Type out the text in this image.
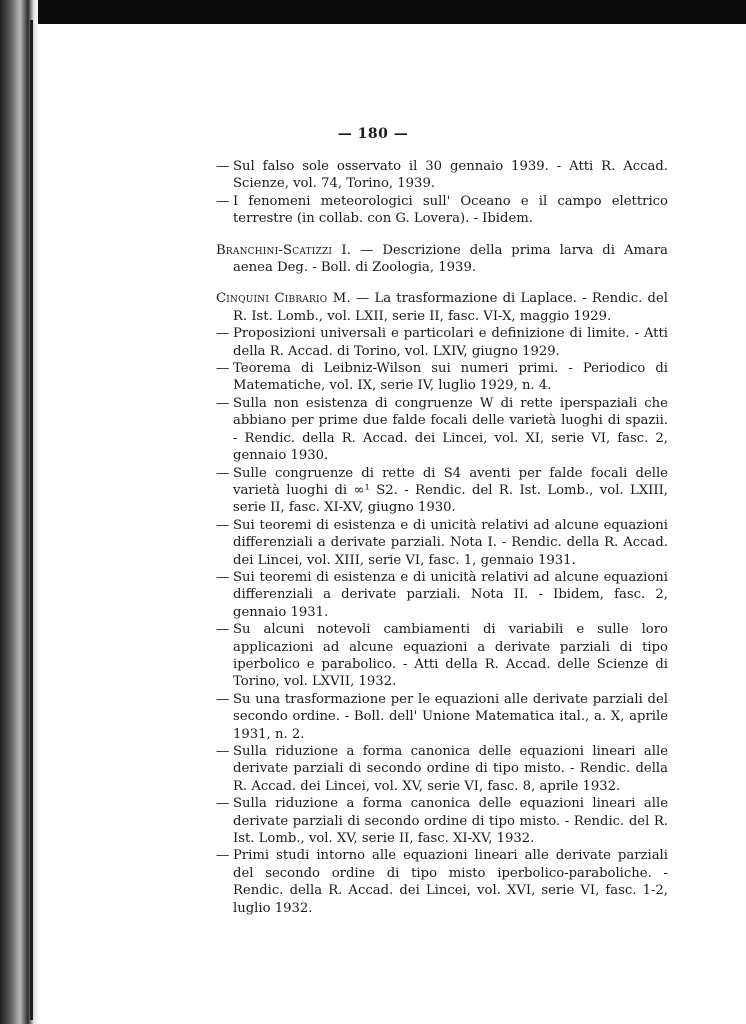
— 180 —

— Sul falso sole osservato il 30 gennaio 1939. - Atti R. Accad. Scienze, vol. 74, Torino, 1939.

— I fenomeni meteorologici sull' Oceano e il campo elettrico terrestre (in collab. con G. Lovera). - Ibidem.

Branchini-Scatizzi I. — Descrizione della prima larva di Amara aenea Deg. - Boll. di Zoologia, 1939.

Cinquini Cibrario M. — La trasformazione di Laplace. - Rendic. del R. Ist. Lomb., vol. LXII, serie II, fasc. VI-X, maggio 1929.

— Proposizioni universali e particolari e definizione di limite. - Atti della R. Accad. di Torino, vol. LXIV, giugno 1929.

— Teorema di Leibniz-Wilson sui numeri primi. - Periodico di Matematiche, vol. IX, serie IV, luglio 1929, n. 4.

— Sulla non esistenza di congruenze W di rette iperspaziali che abbiano per prime due falde focali delle varietà luoghi di spazii. - Rendic. della R. Accad. dei Lincei, vol. XI, serie VI, fasc. 2, gennaio 1930.

— Sulle congruenze di rette di S4 aventi per falde focali delle varietà luoghi di ∞¹ S2. - Rendic. del R. Ist. Lomb., vol. LXIII, serie II, fasc. XI-XV, giugno 1930.

— Sui teoremi di esistenza e di unicità relativi ad alcune equazioni differenziali a derivate parziali. Nota I. - Rendic. della R. Accad. dei Lincei, vol. XIII, serie VI, fasc. 1, gennaio 1931.

— Sui teoremi di esistenza e di unicità relativi ad alcune equazioni differenziali a derivate parziali. Nota II. - Ibidem, fasc. 2, gennaio 1931.

— Su alcuni notevoli cambiamenti di variabili e sulle loro applicazioni ad alcune equazioni a derivate parziali di tipo iperbolico e parabolico. - Atti della R. Accad. delle Scienze di Torino, vol. LXVII, 1932.

— Su una trasformazione per le equazioni alle derivate parziali del secondo ordine. - Boll. dell' Unione Matematica ital., a. X, aprile 1931, n. 2.

— Sulla riduzione a forma canonica delle equazioni lineari alle derivate parziali di secondo ordine di tipo misto. - Rendic. della R. Accad. dei Lincei, vol. XV, serie VI, fasc. 8, aprile 1932.

— Sulla riduzione a forma canonica delle equazioni lineari alle derivate parziali di secondo ordine di tipo misto. - Rendic. del R. Ist. Lomb., vol. XV, serie II, fasc. XI-XV, 1932.

— Primi studi intorno alle equazioni lineari alle derivate parziali del secondo ordine di tipo misto iperbolico-paraboliche. - Rendic. della R. Accad. dei Lincei, vol. XVI, serie VI, fasc. 1-2, luglio 1932.
